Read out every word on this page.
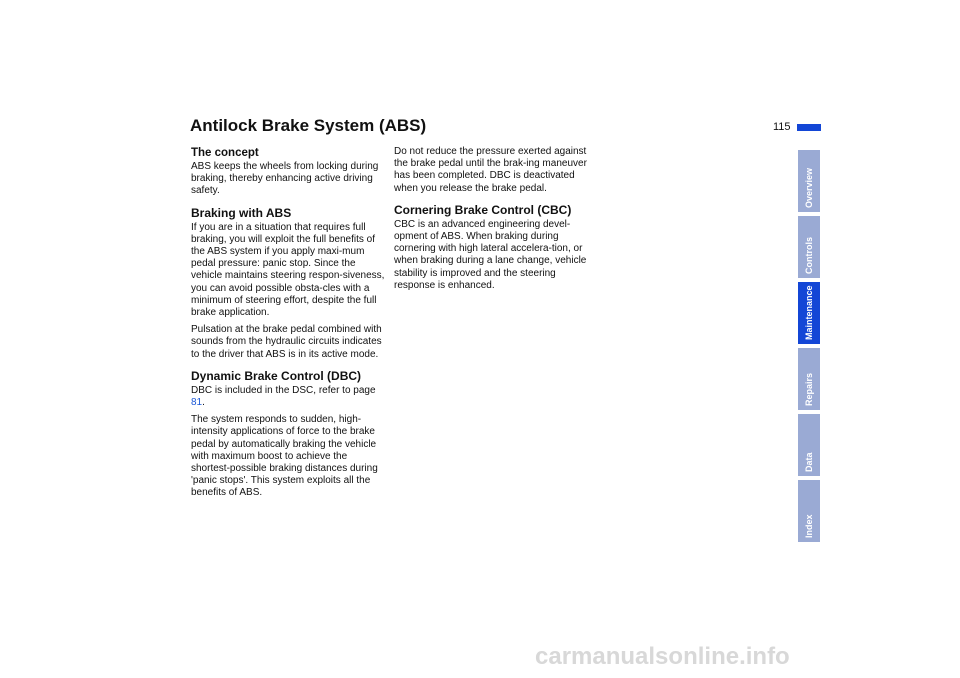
Antilock Brake System (ABS)	115
The concept

ABS keeps the wheels from locking during braking, thereby enhancing active driving safety.

Braking with ABS

If you are in a situation that requires full braking, you will exploit the full benefits of the ABS system if you apply maxi-mum pedal pressure: panic stop. Since the vehicle maintains steering respon-siveness, you can avoid possible obsta-cles with a minimum of steering effort, despite the full brake application.

Pulsation at the brake pedal combined with sounds from the hydraulic circuits indicates to the driver that ABS is in its active mode.

Dynamic Brake Control (DBC)

DBC is included in the DSC, refer to page 81.

The system responds to sudden, high-intensity applications of force to the brake pedal by automatically braking the vehicle with maximum boost to achieve the shortest-possible braking distances during 'panic stops'. This system exploits all the benefits of ABS.

Do not reduce the pressure exerted against the brake pedal until the brak-ing maneuver has been completed. DBC is deactivated when you release the brake pedal.

Cornering Brake Control (CBC)

CBC is an advanced engineering devel-opment of ABS. When braking during cornering with high lateral accelera-tion, or when braking during a lane change, vehicle stability is improved and the steering response is enhanced.

Overview
Controls
Maintenance
Repairs
Data
Index
carmanualsonline.info
